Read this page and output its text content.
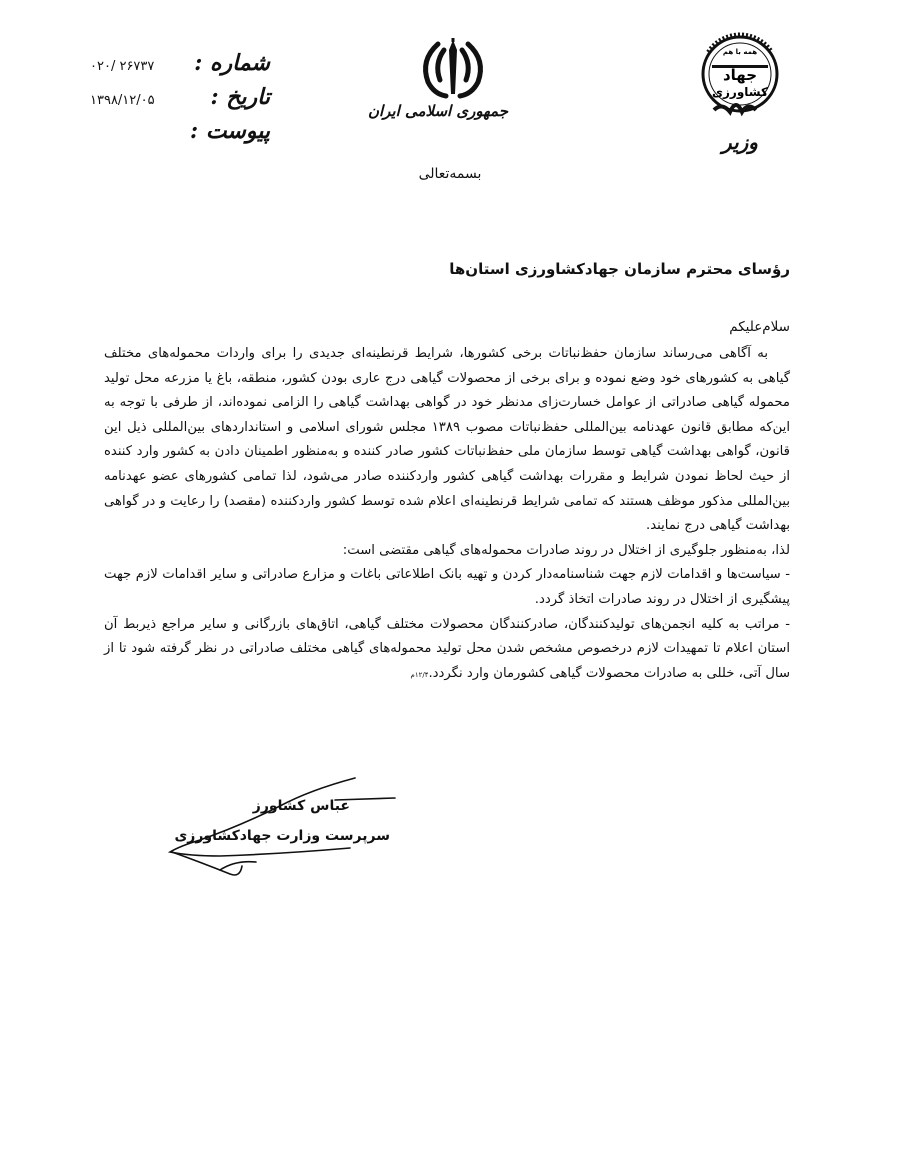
همه با هم
جهاد
کشاورزی
وزیر
جمهوری اسلامی ایران
شماره :
۰۲۰/ ۲۶۷۳۷
تاریخ :
۱۳۹۸/۱۲/۰۵
پیوست :
بسمه‌تعالی
رؤسای محترم سازمان جهادکشاورزی استان‌ها
سلام‌علیکم

به آگاهی می‌رساند سازمان حفظ‌نباتات برخی کشورها، شرایط قرنطینه‌ای جدیدی را برای واردات محموله‌های مختلف گیاهی به کشورهای خود وضع نموده و برای برخی از محصولات گیاهی درج عاری بودن کشور، منطقه، باغ یا مزرعه محل تولید محموله گیاهی صادراتی از عوامل خسارت‌زای مدنظر خود در گواهی بهداشت گیاهی را الزامی نموده‌اند، از طرفی با توجه به این‌که مطابق قانون عهدنامه بین‌المللی حفظ‌نباتات مصوب ۱۳۸۹ مجلس شورای اسلامی و استانداردهای بین‌المللی ذیل این قانون، گواهی بهداشت گیاهی توسط سازمان ملی حفظ‌نباتات کشور صادر کننده و به‌منظور اطمینان دادن به کشور وارد کننده از حیث لحاظ نمودن شرایط و مقررات بهداشت گیاهی کشور واردکننده صادر می‌شود، لذا تمامی کشورهای عضو عهدنامه بین‌المللی مذکور موظف هستند که تمامی شرایط قرنطینه‌ای اعلام شده توسط کشور واردکننده (مقصد) را رعایت و در گواهی بهداشت گیاهی درج نمایند.

لذا، به‌منظور جلوگیری از اختلال در روند صادرات محموله‌های گیاهی مقتضی است:

- سیاست‌ها و اقدامات لازم جهت شناسنامه‌دار کردن و تهیه بانک اطلاعاتی باغات و مزارع صادراتی و سایر اقدامات لازم جهت پیشگیری از اختلال در روند صادرات اتخاذ گردد.

- مراتب به کلیه انجمن‌های تولیدکنندگان، صادرکنندگان محصولات مختلف گیاهی، اتاق‌های بازرگانی و سایر مراجع ذیربط آن استان اعلام تا تمهیدات لازم درخصوص مشخص شدن محل تولید محموله‌های گیاهی مختلف صادراتی در نظر گرفته شود تا از سال آتی، خللی به صادرات محصولات گیاهی کشورمان وارد نگردد.۱۲/۴م

عباس کشاورز
سرپرست وزارت جهادکشاورزی
